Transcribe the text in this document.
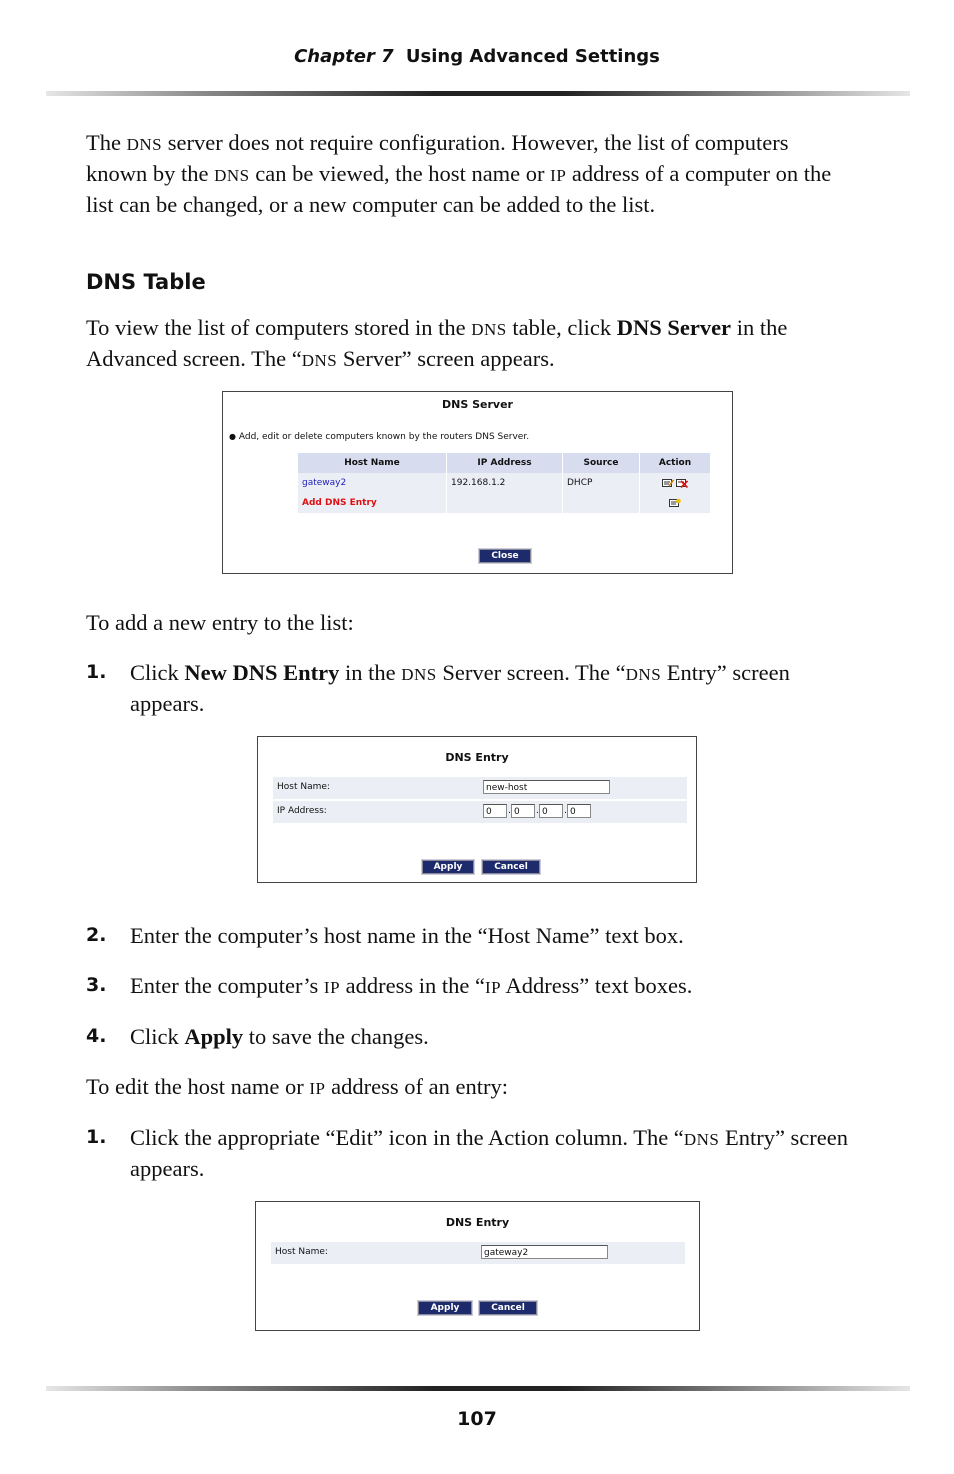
Chapter 7 Using Advanced Settings
The DNS server does not require configuration. However, the list of computers known by the DNS can be viewed, the host name or IP address of a computer on the list can be changed, or a new computer can be added to the list.
DNS Table
To view the list of computers stored in the DNS table, click DNS Server in the Advanced screen. The “DNS Server” screen appears.
DNS Server
● Add, edit or delete computers known by the routers DNS Server.
Host Name	IP Address	Source	Action
gateway2	192.168.1.2	DHCP	
Add DNS Entry			
Close
To add a new entry to the list:
1. Click New DNS Entry in the DNS Server screen. The “DNS Entry” screen appears.
DNS Entry
Host Name:	new-host
IP Address:	0	. 0	. 0	. 0
Apply	Cancel
2. Enter the computer’s host name in the “Host Name” text box.
3. Enter the computer’s IP address in the “IP Address” text boxes.
4. Click Apply to save the changes.
To edit the host name or IP address of an entry:
1. Click the appropriate “Edit” icon in the Action column. The “DNS Entry” screen appears.
DNS Entry
Host Name:	gateway2
Apply	Cancel
107
